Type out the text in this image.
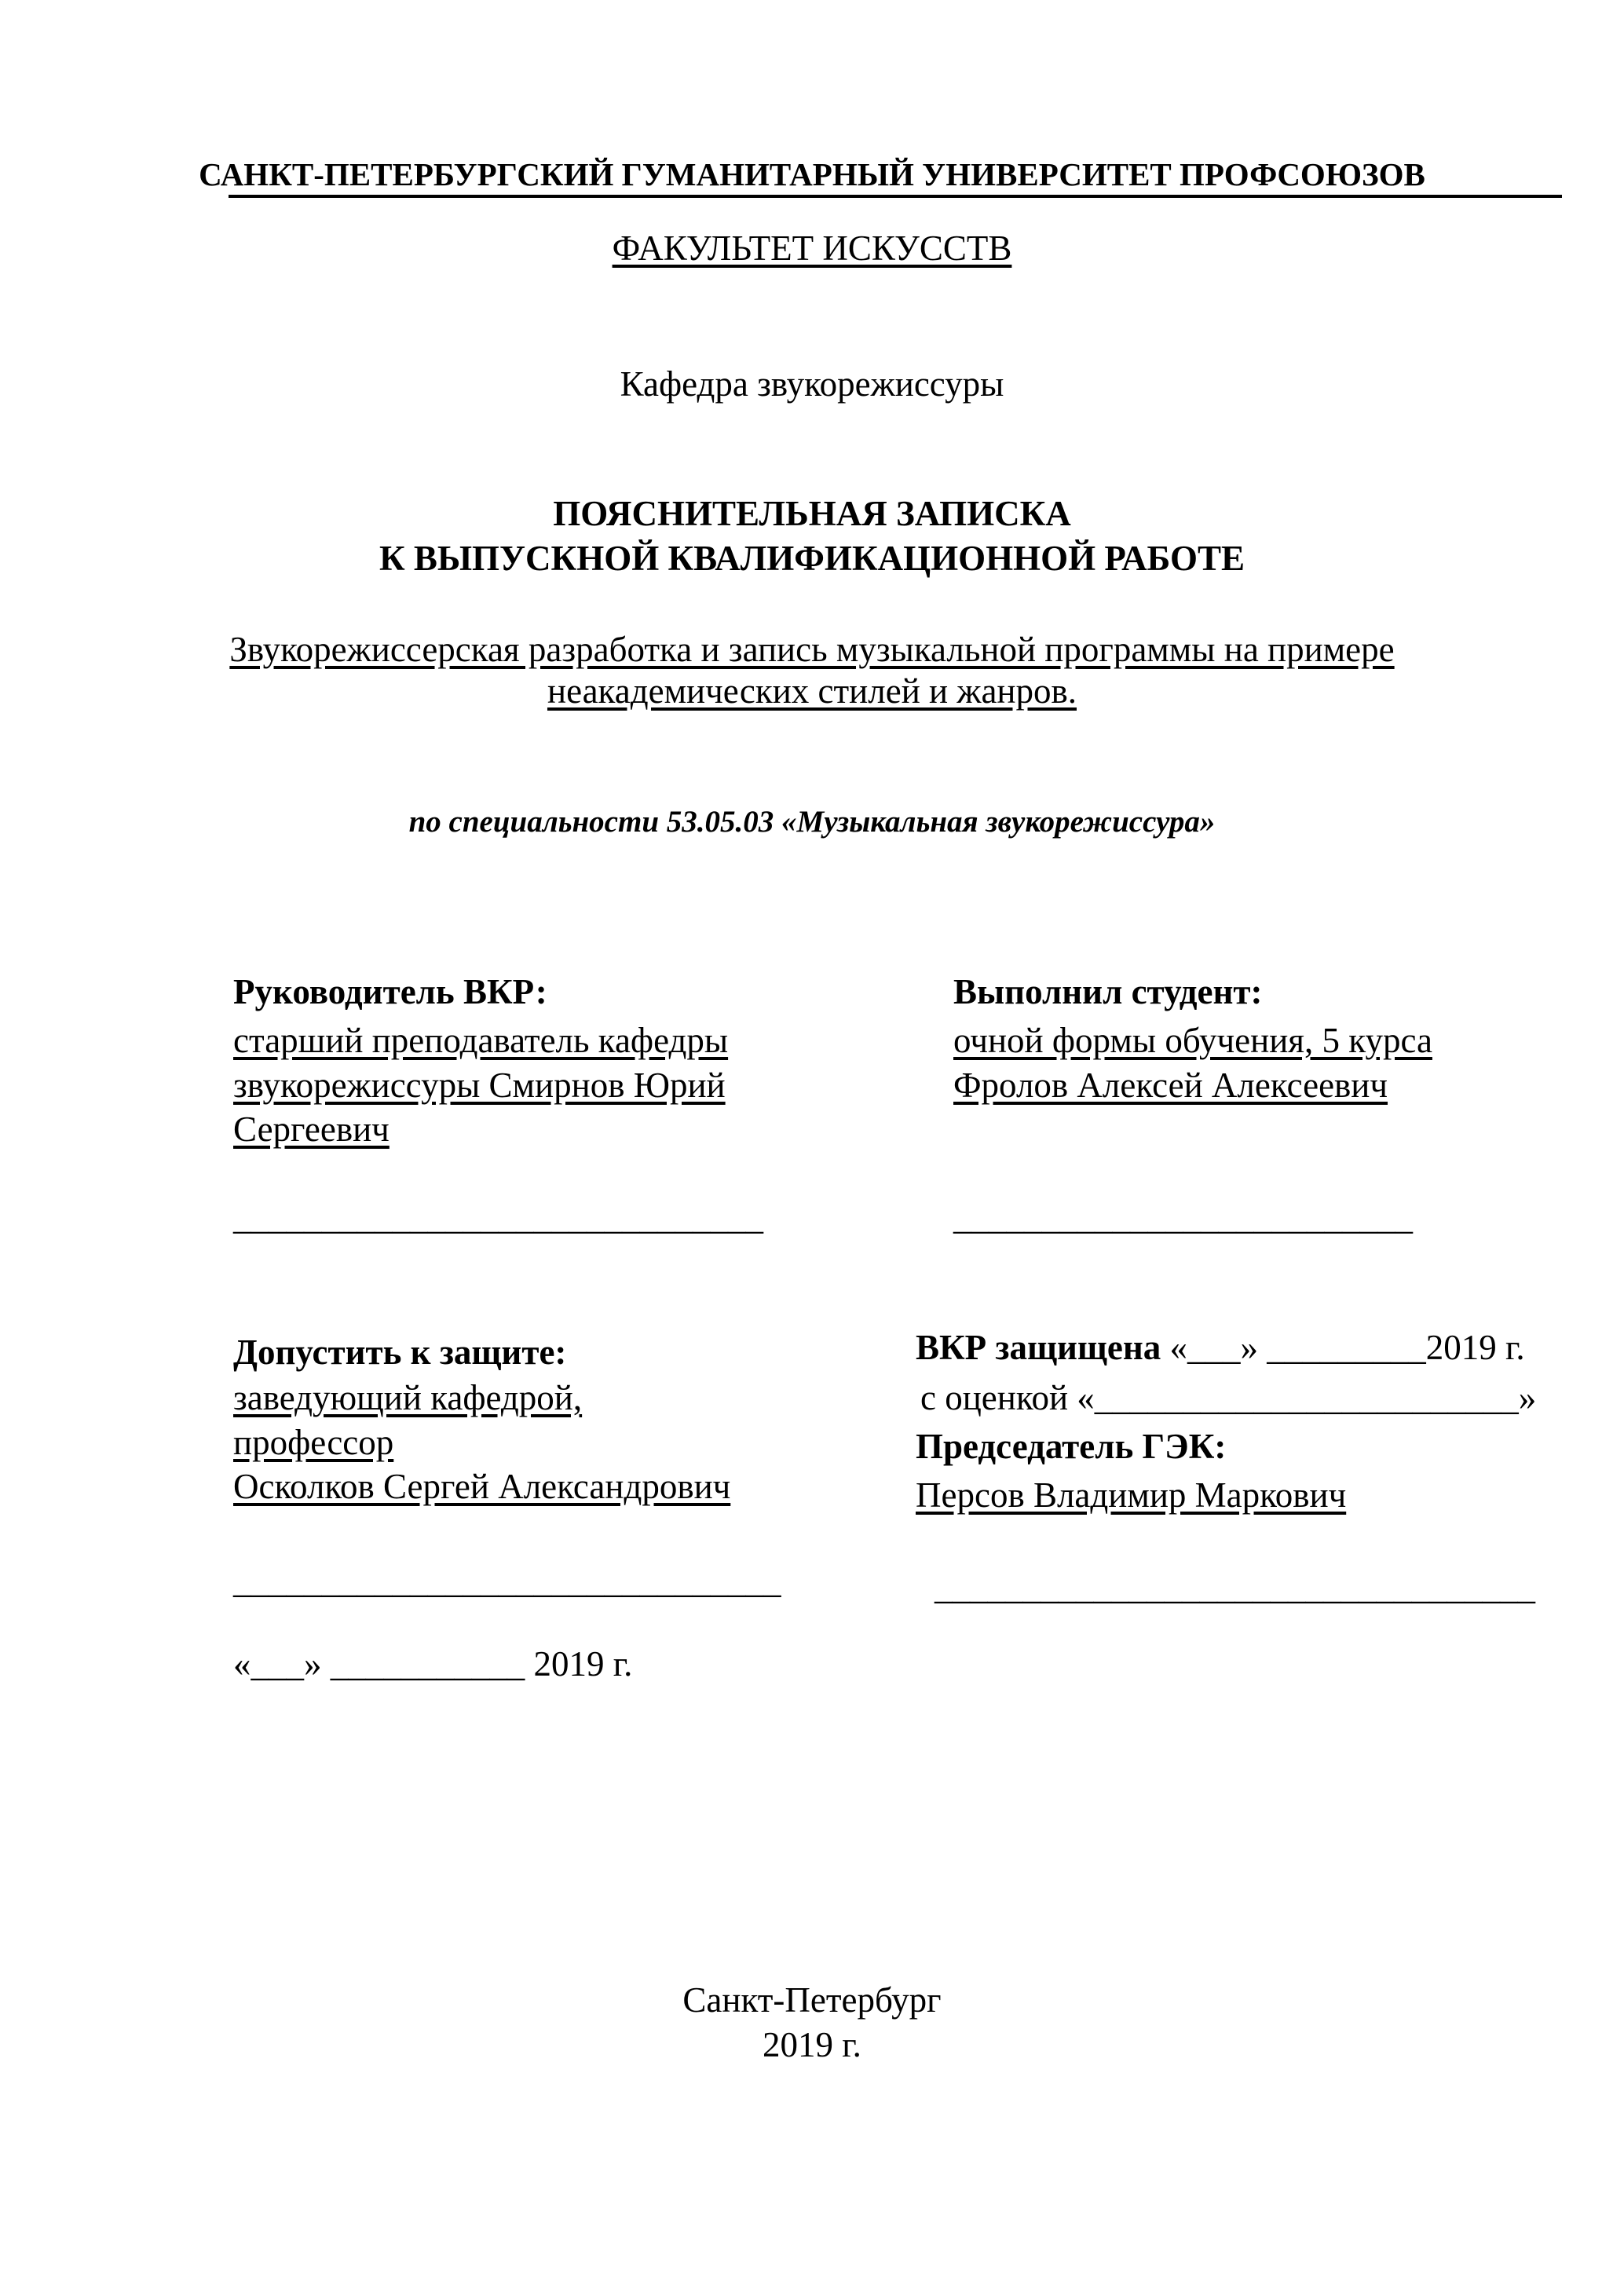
САНКТ-ПЕТЕРБУРГСКИЙ ГУМАНИТАРНЫЙ УНИВЕРСИТЕТ ПРОФСОЮЗОВ
ФАКУЛЬТЕТ ИСКУССТВ
Кафедра звукорежиссуры
ПОЯСНИТЕЛЬНАЯ ЗАПИСКА
К ВЫПУСКНОЙ КВАЛИФИКАЦИОННОЙ РАБОТЕ
Звукорежиссерская разработка и запись музыкальной программы на примере
неакадемических стилей и жанров.
по специальности 53.05.03 «Музыкальная звукорежиссура»
Руководитель ВКР:
старший преподаватель кафедры
звукорежиссуры Смирнов Юрий
Сергеевич
______________________________
Выполнил студент:
очной формы обучения, 5 курса
Фролов Алексей Алексеевич
__________________________
Допустить к защите:
заведующий кафедрой,
профессор
Осколков Сергей Александрович
_______________________________
«___» ___________ 2019 г.
ВКР защищена «___» _________2019 г.
с оценкой «________________________»
Председатель ГЭК:
Персов Владимир Маркович
__________________________________
Санкт-Петербург
2019 г.
